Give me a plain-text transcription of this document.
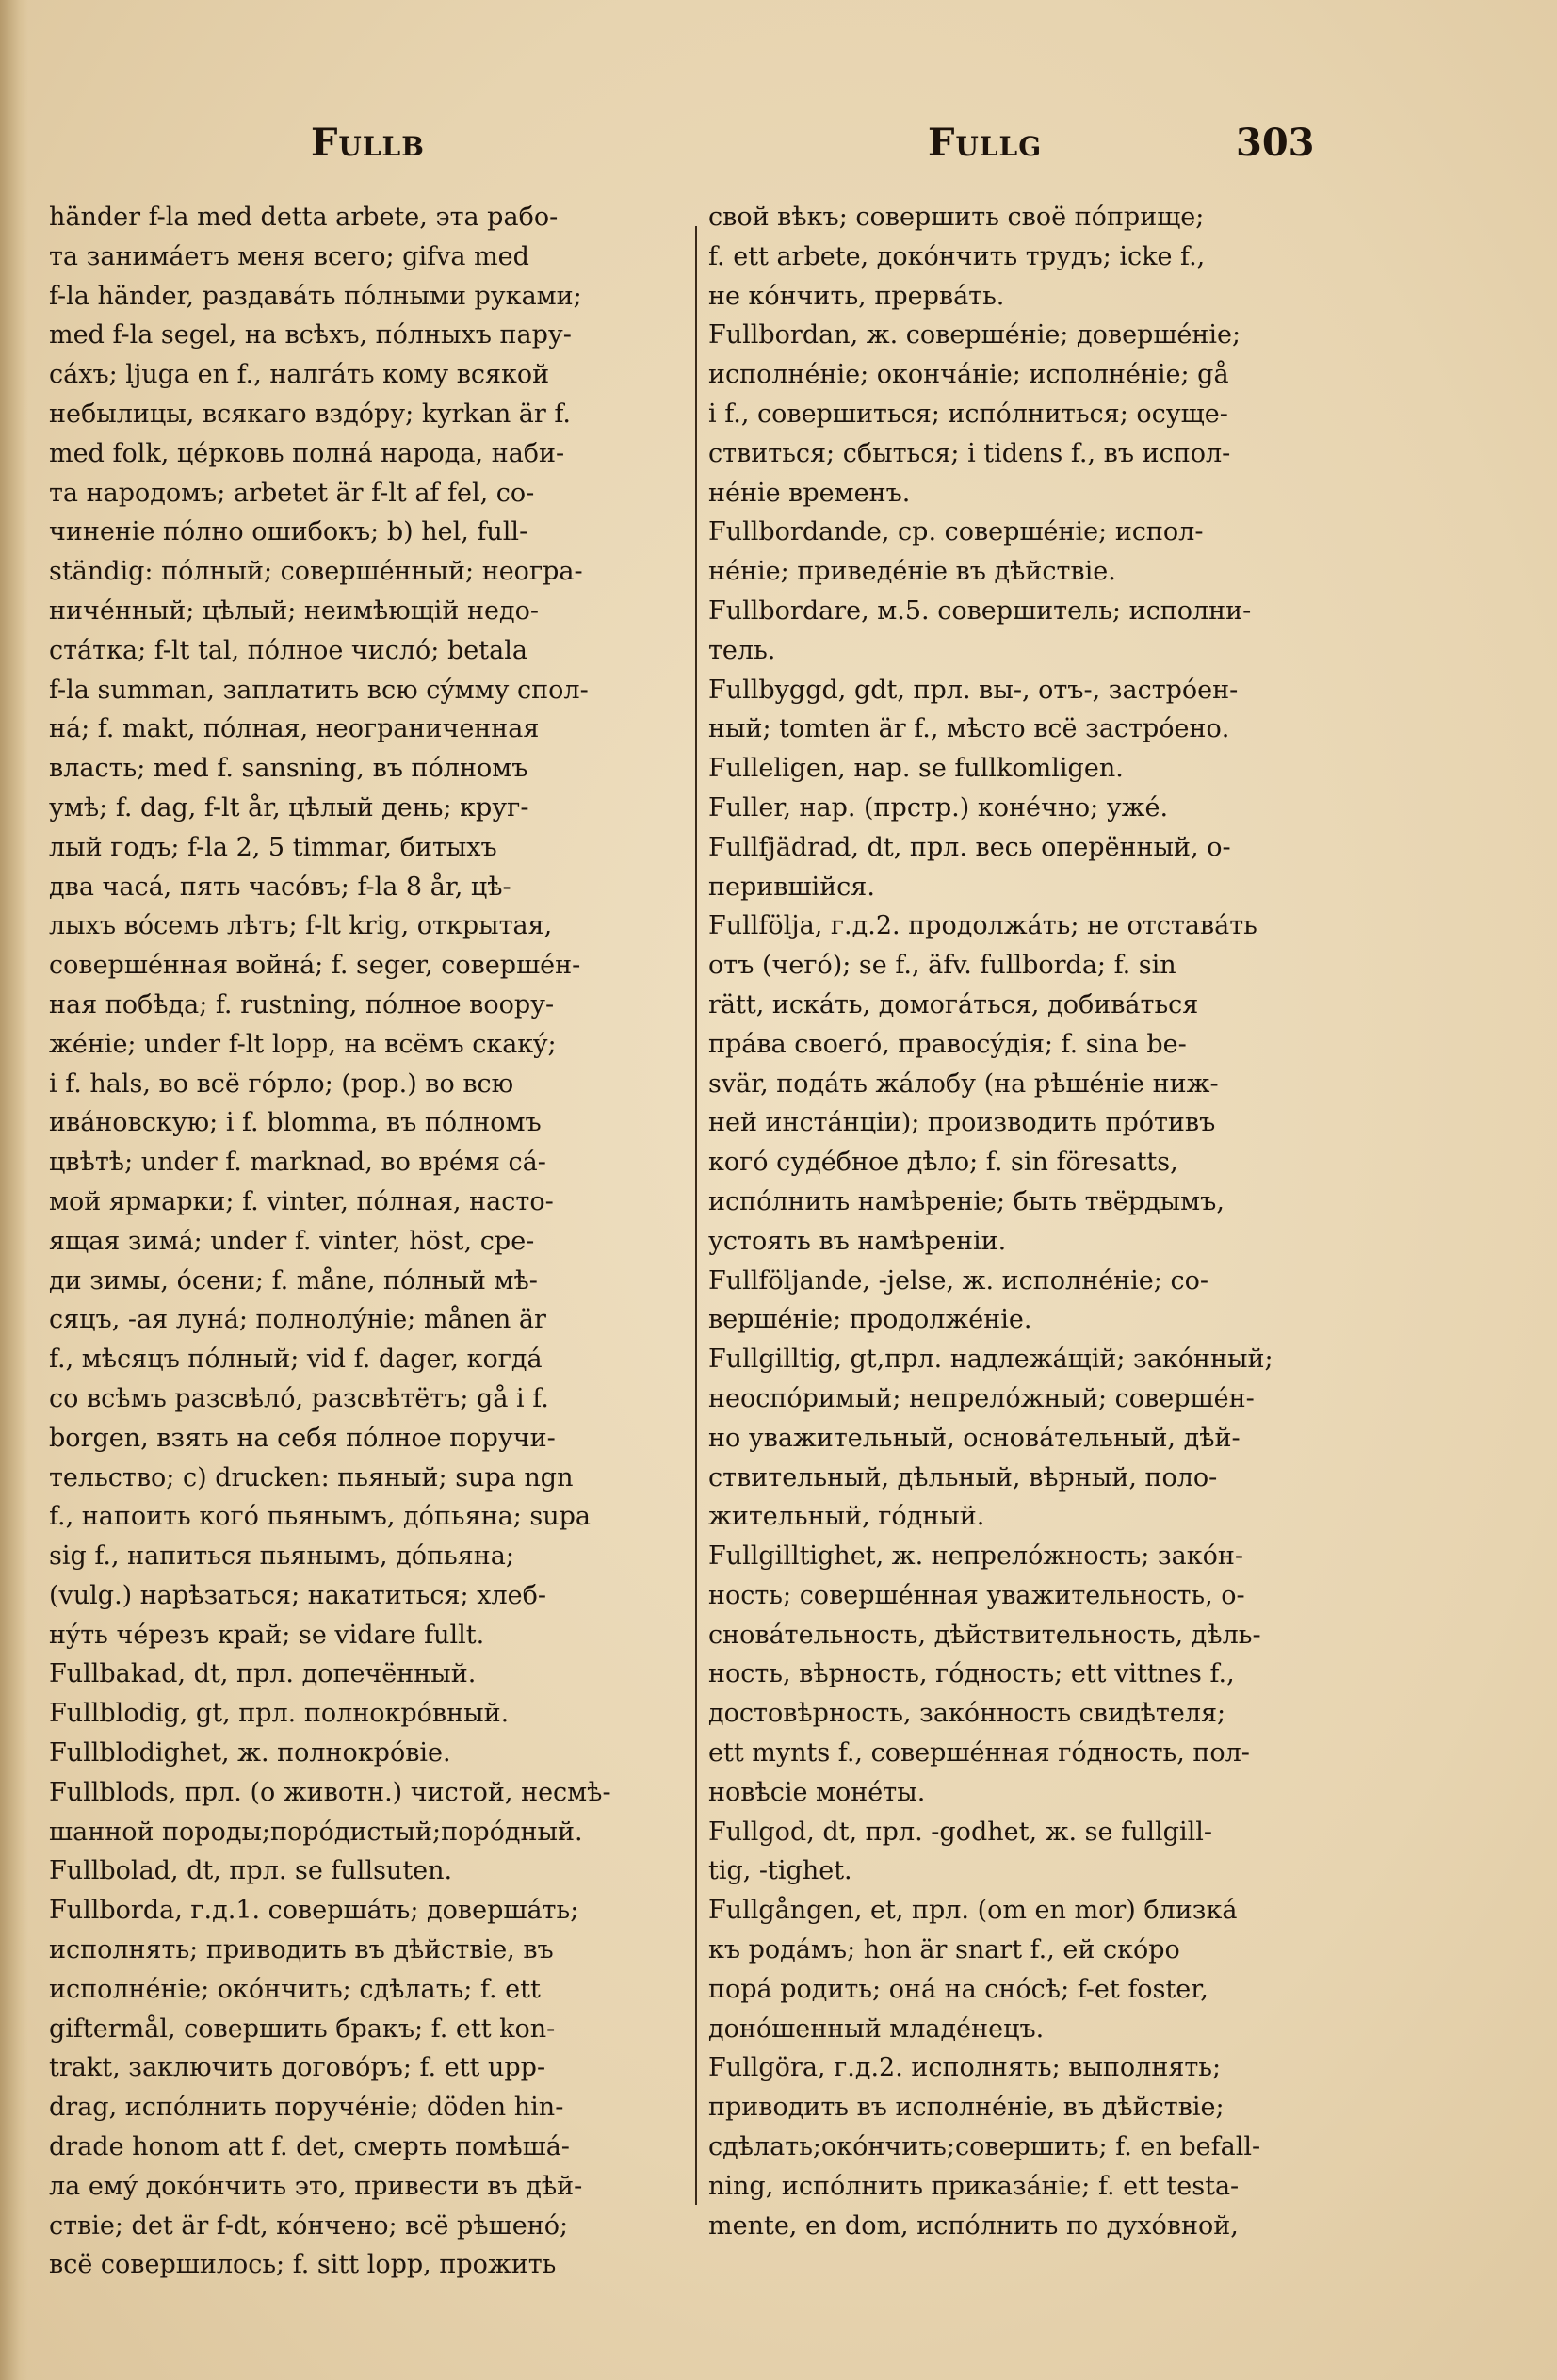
Fullb	Fullg	303
händer f-la med detta arbete, эта рабо-
та занимáетъ меня всего; gifva med
f-la händer, раздавáть пóлными руками;
med f-la segel, на всѣхъ, пóлныхъ пару-
сáхъ; ljuga en f., налгáть кому всякой
небылицы, всякаго вздóру; kyrkan är f.
med folk, цéрковь полнá народа, наби-
та народомъ; arbetet är f-lt af fel, со-
чиненіе пóлно ошибокъ; b) hel, full-
ständig: пóлный; совершéнный; неогра-
ничéнный; цѣлый; неимѣющій недо-
стáтка; f-lt tal, пóлное числó; betala
f-la summan, заплатить всю сýмму спол-
нá; f. makt, пóлная, неограниченная
власть; med f. sansning, въ пóлномъ
умѣ; f. dag, f-lt år, цѣлый день; круг-
лый годъ; f-la 2, 5 timmar, битыхъ
два часá, пять часóвъ; f-la 8 år, цѣ-
лыхъ вóсемъ лѣтъ; f-lt krig, открытая,
совершéнная войнá; f. seger, совершéн-
ная побѣда; f. rustning, пóлное воору-
жéніе; under f-lt lopp, на всёмъ скакý;
i f. hals, во всё гóрло; (рор.) во всю
ивáновскую; i f. blomma, въ пóлномъ
цвѣтѣ; under f. marknad, во врéмя сá-
мой ярмарки; f. vinter, пóлная, насто-
ящая зимá; under f. vinter, höst, сре-
ди зимы, óсени; f. måne, пóлный мѣ-
сяцъ, -ая лунá; полнолýніе; månen är
f., мѣсяцъ пóлный; vid f. dager, когдá
со всѣмъ разсвѣлó, разсвѣтётъ; gå i f.
borgen, взять на себя пóлное поручи-
тельство; c) drucken: пьяный; supa ngn
f., напоить когó пьянымъ, дóпьяна; supa
sig f., напиться пьянымъ, дóпьяна;
(vulg.) нарѣзаться; накатиться; хлеб-
нýть чéрезъ край; se vidare fullt.
Fullbakad, dt, прл. допечённый.
Fullblodig, gt, прл. полнокрóвный.
Fullblodighet, ж. полнокрóвіе.
Fullblods, прл. (о животн.) чистой, несмѣ-
шанной породы;порóдистый;порóдный.
Fullbolad, dt, прл. se fullsuten.
Fullborda, г.д.1. совершáть; довершáть;
исполнять; приводить въ дѣйствіе, въ
исполнéніе; окóнчить; сдѣлать; f. ett
giftermål, совершить бракъ; f. ett kon-
trakt, заключить договóръ; f. ett upp-
drag, испóлнить поручéніе; döden hin-
drade honom att f. det, смерть помѣшá-
ла емý докóнчить это, привести въ дѣй-
ствіе; det är f-dt, кóнчено; всё рѣшенó;
всё совершилось; f. sitt lopp, прожить
свой вѣкъ; совершить своё пóприще;
f. ett arbete, докóнчить трудъ; icke f.,
не кóнчить, прервáть.
Fullbordan, ж. совершéніе; довершéніе;
исполнéніе; окончáніе; исполнéніе; gå
i f., совершиться; испóлниться; осуще-
ствиться; сбыться; i tidens f., въ испол-
нéніе временъ.
Fullbordande, ср. совершéніе; испол-
нéніе; приведéніе въ дѣйствіе.
Fullbordare, м.5. совершитель; исполни-
тель.
Fullbyggd, gdt, прл. вы-, отъ-, застрóен-
ный; tomten är f., мѣсто всё застрóено.
Fulleligen, нар. se fullkomligen.
Fuller, нар. (прстр.) конéчно; ужé.
Fullfjädrad, dt, прл. весь оперённый, о-
перившійся.
Fullfölja, г.д.2. продолжáть; не отставáть
отъ (чегó); se f., äfv. fullborda; f. sin
rätt, искáть, домогáться, добивáться
прáва своегó, правосýдія; f. sina be-
svär, подáть жáлобу (на рѣшéніе ниж-
ней инстáнціи); производить прóтивъ
когó судéбное дѣло; f. sin föresatts,
испóлнить намѣреніе; быть твёрдымъ,
устоять въ намѣреніи.
Fullföljande, -jelse, ж. исполнéніе; со-
вершéніе; продолжéніе.
Fullgilltig, gt,прл. надлежáщій; закóнный;
неоспóримый; непрелóжный; совершéн-
но уважительный, основáтельный, дѣй-
ствительный, дѣльный, вѣрный, поло-
жительный, гóдный.
Fullgilltighet, ж. непрелóжность; закóн-
ность; совершéнная уважительность, о-
сновáтельность, дѣйствительность, дѣль-
ность, вѣрность, гóдность; ett vittnes f.,
достовѣрность, закóнность свидѣтеля;
ett mynts f., совершéнная гóдность, пол-
новѣсіе монéты.
Fullgod, dt, прл. -godhet, ж. se fullgill-
tig, -tighet.
Fullgången, et, прл. (om en mor) близкá
къ родáмъ; hon är snart f., ей скóро
порá родить; онá на снóсѣ; f-et foster,
донóшенный младéнецъ.
Fullgöra, г.д.2. исполнять; выполнять;
приводить въ исполнéніе, въ дѣйствіе;
сдѣлать;окóнчить;совершить; f. en befall-
ning, испóлнить приказáніе; f. ett testa-
mente, en dom, испóлнить по духóвной,
